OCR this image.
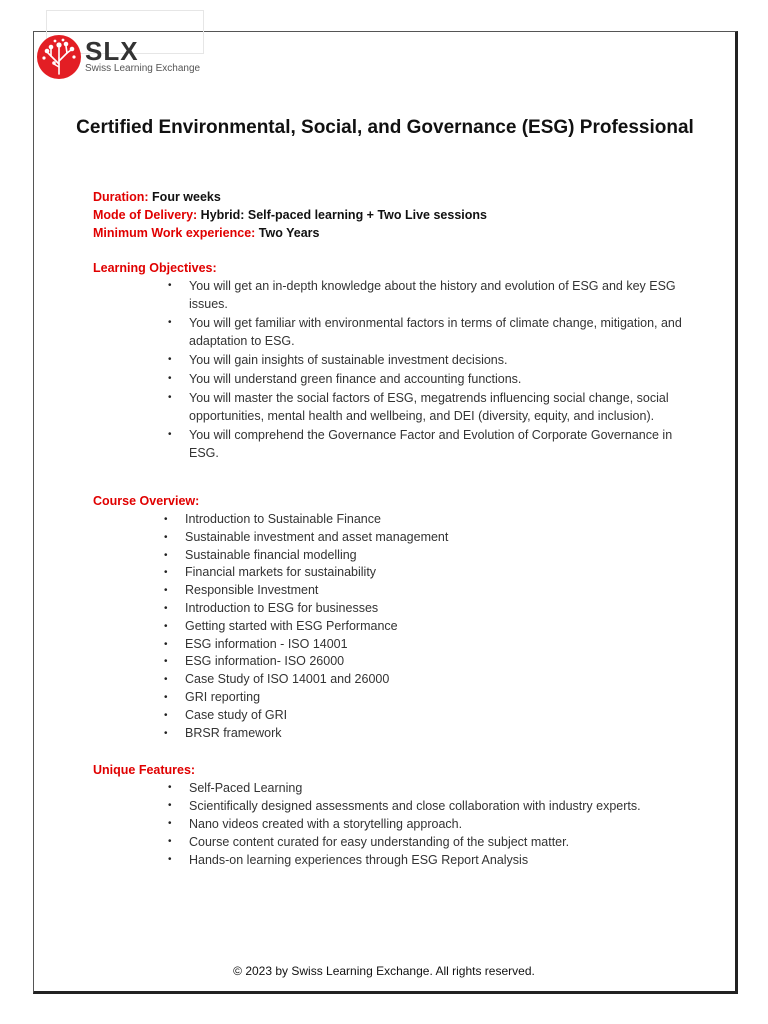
SLX
Swiss Learning Exchange
Certified Environmental, Social, and Governance (ESG) Professional
Duration: Four weeks
Mode of Delivery: Hybrid: Self-paced learning + Two Live sessions
Minimum Work experience: Two Years
Learning Objectives:
• You will get an in-depth knowledge about the history and evolution of ESG and key ESG issues.
• You will get familiar with environmental factors in terms of climate change, mitigation, and adaptation to ESG.
• You will gain insights of sustainable investment decisions.
• You will understand green finance and accounting functions.
• You will master the social factors of ESG, megatrends influencing social change, social opportunities, mental health and wellbeing, and DEI (diversity, equity, and inclusion).
• You will comprehend the Governance Factor and Evolution of Corporate Governance in ESG.
Course Overview:
• Introduction to Sustainable Finance
• Sustainable investment and asset management
• Sustainable financial modelling
• Financial markets for sustainability
• Responsible Investment
• Introduction to ESG for businesses
• Getting started with ESG Performance
• ESG information - ISO 14001
• ESG information- ISO 26000
• Case Study of ISO 14001 and 26000
• GRI reporting
• Case study of GRI
• BRSR framework
Unique Features:
• Self-Paced Learning
• Scientifically designed assessments and close collaboration with industry experts.
• Nano videos created with a storytelling approach.
• Course content curated for easy understanding of the subject matter.
• Hands-on learning experiences through ESG Report Analysis
© 2023 by Swiss Learning Exchange. All rights reserved.
